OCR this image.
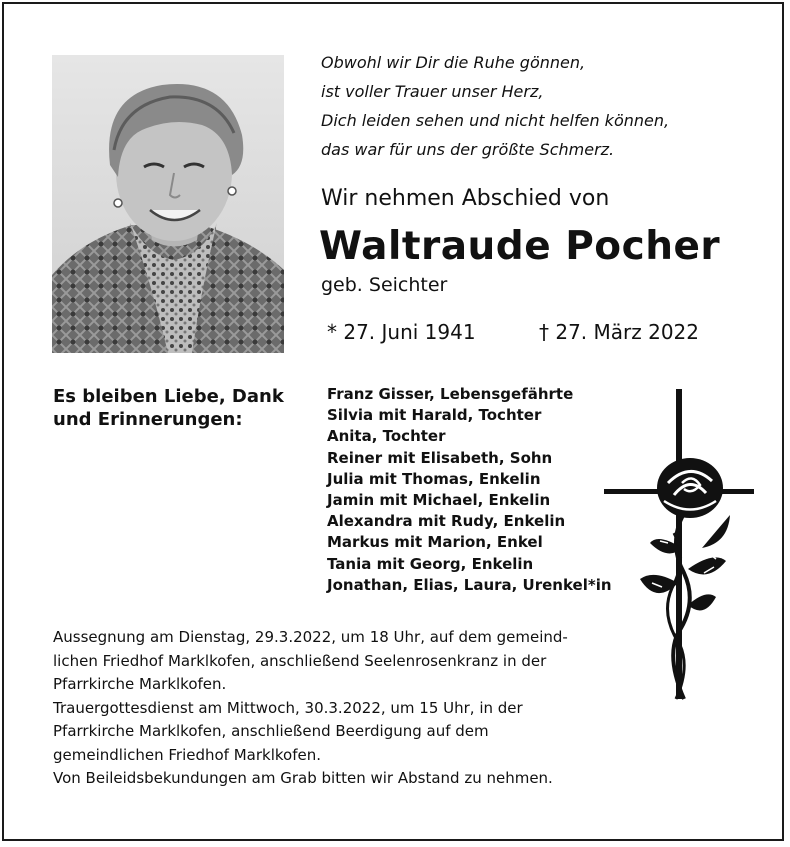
Obwohl wir Dir die Ruhe gönnen,
ist voller Trauer unser Herz,
Dich leiden sehen und nicht helfen können,
das war für uns der größte Schmerz.
Wir nehmen Abschied von
Waltraude Pocher
geb. Seichter
* 27. Juni 1941	† 27. März 2022
Es bleiben Liebe, Dank
und Erinnerungen:
Franz Gisser, Lebensgefährte
Silvia mit Harald, Tochter
Anita, Tochter
Reiner mit Elisabeth, Sohn
Julia mit Thomas, Enkelin
Jamin mit Michael, Enkelin
Alexandra mit Rudy, Enkelin
Markus mit Marion, Enkel
Tania mit Georg, Enkelin
Jonathan, Elias, Laura, Urenkel*in
Aussegnung am Dienstag, 29.3.2022, um 18 Uhr, auf dem gemeind-
lichen Friedhof Marklkofen, anschließend Seelenrosenkranz in der
Pfarrkirche Marklkofen.
Trauergottesdienst am Mittwoch, 30.3.2022, um 15 Uhr, in der
Pfarrkirche Marklkofen, anschließend Beerdigung auf dem
gemeindlichen Friedhof Marklkofen.
Von Beileidsbekundungen am Grab bitten wir Abstand zu nehmen.
